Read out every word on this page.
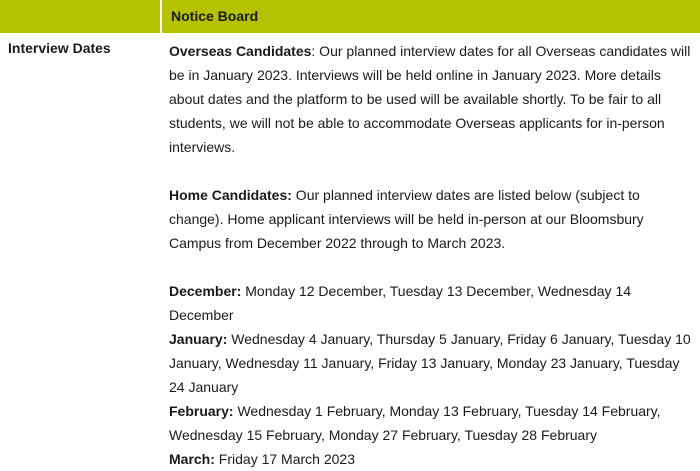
Notice Board
Interview Dates	Overseas Candidates: Our planned interview dates for all Overseas candidates will be in January 2023. Interviews will be held online in January 2023. More details about dates and the platform to be used will be available shortly. To be fair to all students, we will not be able to accommodate Overseas applicants for in-person interviews.

Home Candidates: Our planned interview dates are listed below (subject to change). Home applicant interviews will be held in-person at our Bloomsbury Campus from December 2022 through to March 2023.

December: Monday 12 December, Tuesday 13 December, Wednesday 14 December

January: Wednesday 4 January, Thursday 5 January, Friday 6 January, Tuesday 10 January, Wednesday 11 January, Friday 13 January, Monday 23 January, Tuesday 24 January

February: Wednesday 1 February, Monday 13 February, Tuesday 14 February, Wednesday 15 February, Monday 27 February, Tuesday 28 February

March: Friday 17 March 2023
